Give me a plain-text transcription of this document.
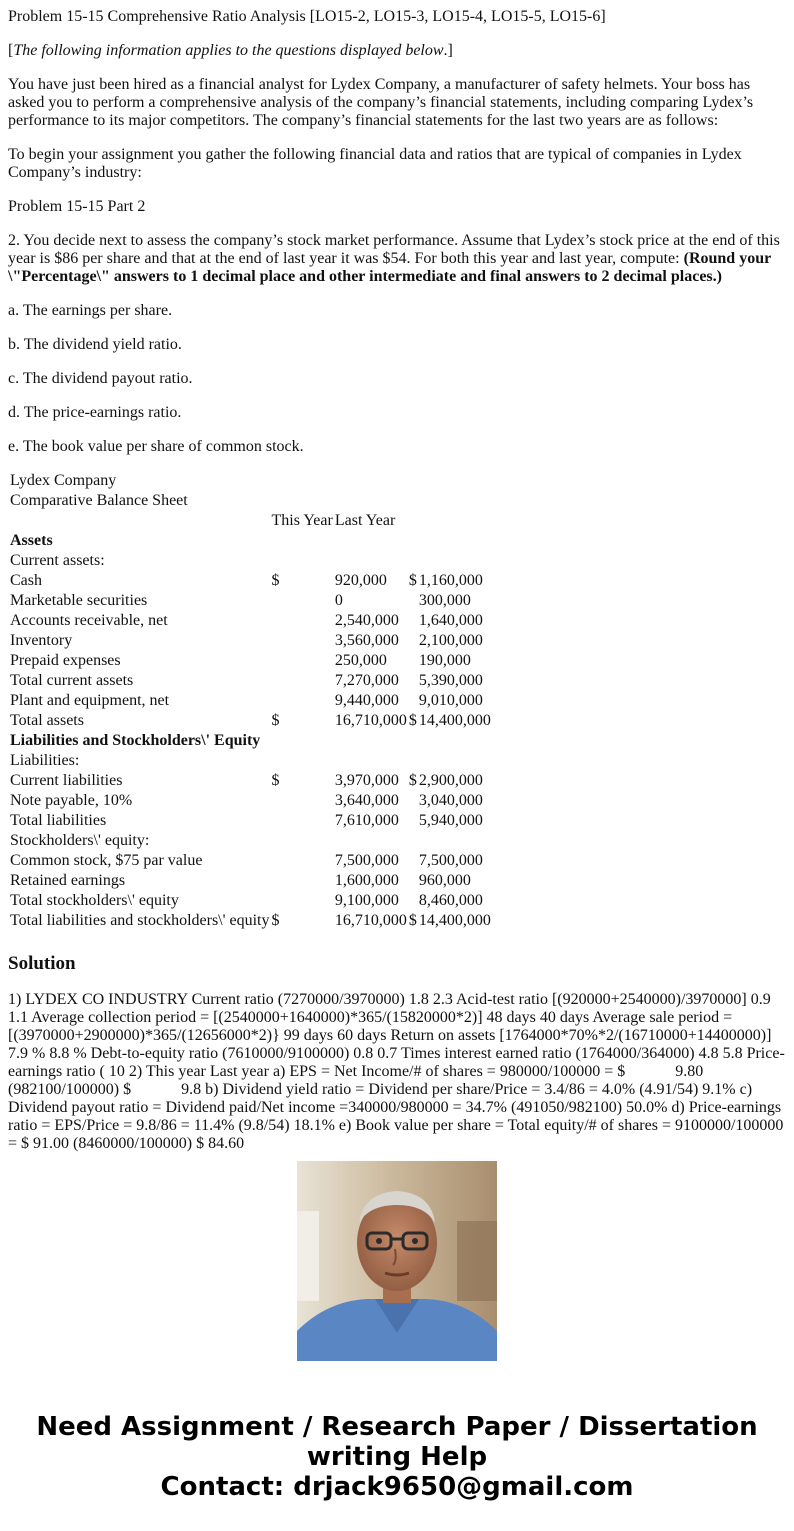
Problem 15-15 Comprehensive Ratio Analysis [LO15-2, LO15-3, LO15-4, LO15-5, LO15-6]

[The following information applies to the questions displayed below.]

You have just been hired as a financial analyst for Lydex Company, a manufacturer of safety helmets. Your boss has asked you to perform a comprehensive analysis of the company’s financial statements, including comparing Lydex’s performance to its major competitors. The company’s financial statements for the last two years are as follows:

To begin your assignment you gather the following financial data and ratios that are typical of companies in Lydex Company’s industry:

Problem 15-15 Part 2

2. You decide next to assess the company’s stock market performance. Assume that Lydex’s stock price at the end of this year is $86 per share and that at the end of last year it was $54. For both this year and last year, compute: (Round your \"Percentage\" answers to 1 decimal place and other intermediate and final answers to 2 decimal places.)

a. The earnings per share.

b. The dividend yield ratio.

c. The dividend payout ratio.

d. The price-earnings ratio.

e. The book value per share of common stock.

Lydex Company			
Comparative Balance Sheet			
	This Year	Last Year	
Assets			
Current assets:			
Cash	$	920,000	$ 1,160,000
Marketable securities		0	300,000
Accounts receivable, net		2,540,000	1,640,000
Inventory		3,560,000	2,100,000
Prepaid expenses		250,000	190,000
Total current assets		7,270,000	5,390,000
Plant and equipment, net		9,440,000	9,010,000
Total assets	$	16,710,000	$ 14,400,000
Liabilities and Stockholders\' Equity			
Liabilities:			
Current liabilities	$	3,970,000	$ 2,900,000
Note payable, 10%		3,640,000	3,040,000
Total liabilities		7,610,000	5,940,000
Stockholders\' equity:			
Common stock, $75 par value		7,500,000	7,500,000
Retained earnings		1,600,000	960,000
Total stockholders\' equity		9,100,000	8,460,000
Total liabilities and stockholders\' equity	$	16,710,000	$ 14,400,000
Solution

1) LYDEX CO INDUSTRY Current ratio (7270000/3970000) 1.8 2.3 Acid-test ratio [(920000+2540000)/3970000] 0.9 1.1 Average collection period = [(2540000+1640000)*365/(15820000*2)] 48 days 40 days Average sale period = [(3970000+2900000)*365/(12656000*2)} 99 days 60 days Return on assets [1764000*70%*2/(16710000+14400000)] 7.9 % 8.8 % Debt-to-equity ratio (7610000/9100000) 0.8 0.7 Times interest earned ratio (1764000/364000) 4.8 5.8 Price-earnings ratio ( 10 2) This year Last year a) EPS = Net Income/# of shares = 980000/100000 = $	9.80 (982100/100000) $	9.8 b) Dividend yield ratio = Dividend per share/Price = 3.4/86 = 4.0% (4.91/54) 9.1% c) Dividend payout ratio = Dividend paid/Net income =340000/980000 = 34.7% (491050/982100) 50.0% d) Price-earnings ratio = EPS/Price = 9.8/86 = 11.4% (9.8/54) 18.1% e) Book value per share = Total equity/# of shares = 9100000/100000 = $ 91.00 (8460000/100000) $ 84.60

Need Assignment / Research Paper / Dissertation
writing Help
Contact: drjack9650@gmail.com
